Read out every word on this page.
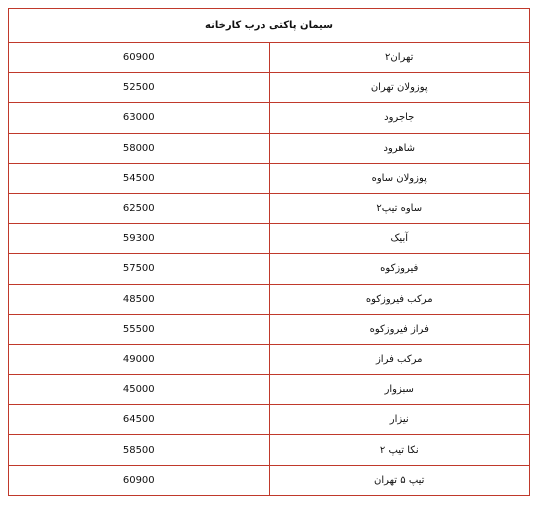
سیمان پاکتی درب کارخانه	
تهران۲	60900
پوزولان تهران	52500
جاجرود	63000
شاهرود	58000
پوزولان ساوه	54500
ساوه تیپ۲	62500
آبیک	59300
فیروزکوه	57500
مرکب فیروزکوه	48500
فراز فیروزکوه	55500
مرکب فراز	49000
سبزوار	45000
نیزار	64500
نکا تیپ ۲	58500
تیپ ۵ تهران	60900
